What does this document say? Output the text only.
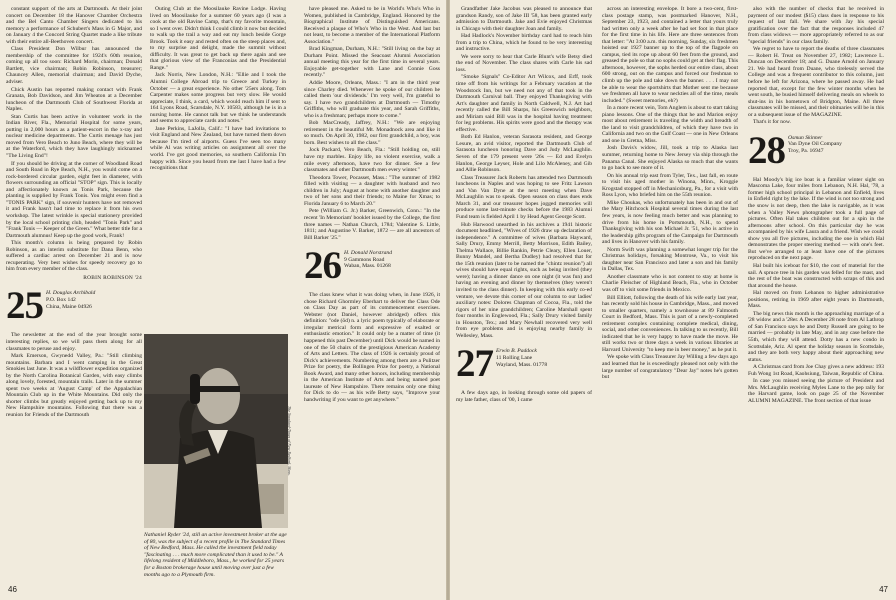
constant support of the arts at Dartmouth. At their joint concert on December 18 the Hanover Chamber Orchestra and the Bel Canto Chamber Singers dedicated to his memory a performance of Schubert's Mass in G Major, and on January 4 the Concord String Quartet made a like tribute with their entire all-Beethoven concert.

Class President Don Wilbur has announced the membership of the committee for 1924's 60th reunion, coming up all too soon: Richard Morin, chairman; Donald Bartlett, vice chairman; Robin Robinson, treasurer; Chauncey Allen, memorial chairman; and David Dyche, adviser.

Chick Austin has reported making contact with Frank Granata, Bob Davidson, and Jim Wheaton at a December luncheon of the Dartmouth Club of Southwest Florida at Naples.

Stan Curtis has been active in volunteer work in the Indian River, Fla., Memorial Hospital for some years, putting in 2,000 hours as a patient-escort in the x-ray and nuclear medicine departments. The Curtis menage has just moved from Vero Beach to Juno Beach, where they will be at the Waterford, which they have laughingly nicknamed "The Living End"!

If you should be driving at the corner of Woodland Road and South Road in Rye Beach, N.H., you would come on a rock-bordered circular garden, eight feet in diameter, with flowers surrounding an official "STOP" sign. This is locally and affectionately known as Tonis Park, because the planting is supplied by Frank Tonis. You might even find a "TONIS PARK" sign, if souvenir hunters have not removed it and Frank hasn't had time to replace it from his own workshop. The latest wrinkle is special stationery provided by the local school printing club, headed "Tonis Park" and "Frank Tonis — Keeper of the Green." What better title for a Dartmouth alumnus! Keep up the good work, Frank!

This month's column is being prepared by Robin Robinson, as an interim substitute for Dana Benn, who suffered a cardiac arrest on December 21 and is now recuperating. Very best wishes for speedy recovery go to him from every member of the class.

ROBIN ROBINSON '24
25 H. Douglas Archibald
P.O. Box 142
China, Maine 04926

The newsletter at the end of the year brought some interesting replies, so we will pass them along for all classmates to peruse and enjoy.

Mark Emerson, Gwynedd Valley, Pa.: "Still climbing mountains. Barbara and I went camping in the Great Smokies last June. It was a wildflower expedition organized by the North Carolina Botanical Garden, with easy climbs along lovely, forested, mountain trails. Later in the summer spent two weeks at 'August Camp' of the Appalachian Mountain Club up in the White Mountains. Did only the shorter climbs but greatly enjoyed getting back up to my New Hampshire mountains. Following that there was a reunion for Friends of the Dartmouth

Outing Club at the Moosilauke Ravine Lodge. Having lived on Moosilauke for a summer 60 years ago (I was a cook at the old Ravine Camp, that's my favorite mountain, so I went over. Didn't think I could climb it now but decided to walk up the trail a way and eat my lunch beside Gorge Brook. Took it easy and rested often on the steep places and, to my surprise and delight, made the summit without difficulty. It was great to get back up there again and see that glorious view of the Franconias and the Presidential Range."

Jack Norris, New London, N.H.: "Ellie and I took the Alumni College Abroad trip to Greece and Turkey in October — a great experience. No other '25ers along. Tom Carpenter makes some progress but very slow. He would appreciate, I think, a card, which would reach him if sent to 164 Lyons Road, Scarsdale, N.Y. 10583, although he is in a nursing home. He cannot talk but we think he understands and seems to appreciate cards and notes."

Jane Perkins, LaJolla, Calif.: "I have had invitations to visit England and New Zealand, but have turned them down because I'm tired of airports. Guess I've seen too many while Al was writing articles on assignment all over the world. I've got good memories, so southern California I'm happy with. Since you heard from me last I have had a few recognitions that

Nathaniel Ryder '24, still an active investment broker at the age of 80, was the subject of a recent profile in The Standard Times of New Bedford, Mass. He called the investment field today "fascinating . . . much more complicated than it used to be." A lifelong resident of Middleboro, Mass., he worked for 25 years for a Boston brokerage house until moving over just a few months ago to a Plymouth firm.
The Standard-Times of New Bedford, Mass.

have pleased me. Asked to be in World's Who's Who in Women, published in Cambridge, England. Honored by the Biographical Institute of Distinguished Americans. Received a plaque of Who's Who in the West. And last but not least, to become a member of the International Platform Association."

Brad Kingman, Durham, N.H.: "Still living on the bay at Durham Point. Missed the Seacoast Alumni Association annual meeting this year for the first time in several years. Enjoyable get-together with Lane and Connie Goss recently."

Addie Moore, Orleans, Mass.: "I am in the third year since Charley died. Whenever he spoke of our children he called them 'our dividends.' I'm very well, I'm grateful to say. I have two grandchildren at Dartmouth — Timothy Griffiths, who will graduate this year, and Sarah Griffiths, who is a freshman; perhaps more to come."

Bob MacCready, Jaffrey, N.H.: "We are enjoying retirement in the beautiful Mt. Monadnock area and like it so much. On April 30, 1982, our first grandchild, a boy, was born. Best wishes to all the class."

Jock Packard, Vero Beach, Fla.: "Still holding on, still have my marbles. Enjoy life, no violent exercise, walk a mile every afternoon, have two for dinner. See a few classmates and other Dartmouth men every winter."

Theodora Tower, Pocasset, Mass.: "The summer of 1982 filled with visiting — a daughter with husband and two children in July; August at home with another daughter and two of her sons and their friends; to Maine for Xmas; to Florida January 6 to March 20."

Pete (William G. Jr.) Barker, Greenwich, Conn.: "In the recent 'In Memoriam' booklet issued by the College, the first three names — Nathan Church, 1784; Valentine S. Little, 1811; and Augustine V. Barker, 1872 — are all ancestors of Bill Barker '25."

26 H. Donald Norstrand
9 Gammons Road
Waban, Mass. 01268

The class knew what it was doing when, in June 1926, it chose Richard Ghormley Eberhart to deliver the Class Ode on Class Day as part of its commencement exercises. Webster (not Daniel, however abridged) offers this definition: "ode (ōd) n. a lyric poem typically of elaborate or irregular metrical form and expressive of exalted or enthusiastic emotion." It could only be a matter of time (it happened this past December) until Dick would be named in one of the 50 chairs of the prestigious American Academy of Arts and Letters. The class of 1926 is certainly proud of Dick's achievements. Numbering among them are a Pulitzer Prize for poetry, the Bollingen Prize for poetry, a National Book Award, and many other honors, including membership in the American Institute of Arts and being named poet laureate of New Hampshire. There remains only one thing for Dick to do — as his wife Betty says, "Improve your handwriting if you want to get anywhere."

46

Grandfather Jake Jacobus was pleased to announce that grandson Randy, son of Jake III '58, has been granted early admission to Dartmouth. Jake and Evie enjoyed Christmas in Chicago with their daughter Joan and family.

Had Hadlock's November birthday card had to reach him from a trip to China, which he found to be very interesting and instructive.

We were sorry to hear that Carle Blunt's wife Betsy died the end of November. The class shares with Carle his sad loss.

"Smoke Signals" Co-Editor Art Wilcox, and Erff, took time off from his writings for a February vacation at the Woodstock Inn, but we need not any of that took in the Dartmouth Carnival ball. They enjoyed Thanksgiving with Art's daughter and family in North Caldwell, N.J. Art had recently called the Bill Sharps, his Greenwich neighbors, and Miriam said Bill was in the hospital having treatment for leg problems. His spirits were good and the therapy was effective.

Both Ed Hanlon, veteran Sarasota resident, and George Lesure, an avid visitor, reported the Dartmouth Club of Sarasota luncheon honoring Dave and Judy McLaughlin. Seven of the 179 present were '26s — Ed and Evelyn Hanlon, George Leyser, Hole and Lilo McAleney, and Gib and Allie Robinson.

Class Treasurer Jack Roberts has attended two Dartmouth luncheons in Naples and was hoping to see Fritz Lawson and Van Van Dyne at the next meeting when Dave McLaughlin was to speak. Open season on class dues ends March 31, and our treasurer hopes jogged memories will produce some last-minute checks before the 1983 Alumni Fund team is fielded April 1 by Head Agent George Scott.

Hub Harwood unearthed in his archives a 1941 historic document headlined, "Wives of 1926 draw up declaration of independence." A committee of wives (Barbara Hayward, Sally Drury, Emmy Merrill, Betty Morrison, Edith Bailey, Thelma Wallace, Billie Rankin, Petrie Cleary, Ellen Louer, Bunny Mandel, and Bertha Dudley) had resolved that for the 15th reunion (later to be named the "chintz reunion") all wives should have equal rights, such as being invited (they were); having a dinner dance on one night (it was fun) and having an evening and dinner by themselves (they weren't invited to the class dinner). In keeping with this early co-ed venture, we devote this corner of our column to our ladies' auxiliary notes: Dolores Chapman of Cocoa, Fla., told the rigors of her nine grandchildren; Caroline Marshall spent four months in Englewood, Fla.; Sally Drury visited family in Houston, Tex.; and Mary Newhall recovered very well from eye problems and is enjoying nearby family in Wellesley, Mass.

27 Erwin B. Paddock
11 Rolling Lane
Wayland, Mass. 01778

A few days ago, in looking through some old papers of my late father, class of '00, I came

across an interesting envelope. It bore a two-cent, first-class postage stamp, was postmarked Hanover, N.H., September 23, 1923, and contained a letter that yours truly had written only a week after he had set foot in that place for the first time in his life. Here are three sentences from that letter: "At 3:00 a.m. this morning, Sunday, six freshmen hoisted our 1927 banner up to the top of the flagpole on campus, tied its rope up about 60 feet from the ground, and greased the pole so that no sophs could get at their flag. This afternoon, however, the sophs herded our entire class, about 600 strong, out on the campus and forced our freshman to climb up the pole and take down the banner. . . . I may not be able to wear the sportshirts that Mother sent me because we freshmen all have to wear neckties all of the time, meals included." (Sweet memories, eh?)

In a more recent vein, Tom Anglem is about to start taking piano lessons. One of the things that he and Marion enjoy most about retirement is traveling the width and breadth of the land to visit grandchildren, of which they have two in California and two on the Gulf Coast — one in New Orleans and one in Gretna, Miss.

Josh Davis's widow, Jill, took a trip to Alaska last summer, returning home to New Jersey via ship through the Panama Canal. She enjoyed Alaska so much that she wants to go back to see more of it.

On his annual trip east from Tyler, Tex., last fall, en route to visit his aged mother in Winona, Minn., Kroggie Krogstad stopped off in Mechanicsburg, Pa., for a visit with Ross Lyon, who briefed him on the 55th reunion.

Mike Choukas, who unfortunately has been in and out of the Mary Hitchcock Hospital several times during the last few years, is now feeling much better and was planning to drive from his home in Portsmouth, N.H., to spend Thanksgiving with his son Michael Jr. '51, who is active in the leadership gifts program of the Campaign for Dartmouth and lives in Hanover with his family.

Norm Swift was planning a somewhat longer trip for the Christmas holidays, forsaking Montrose, Va., to visit his daughter near San Francisco and later a son and his family in Dallas, Tex.

Another classmate who is not content to stay at home is Charlie Fleischer of Highland Beach, Fla., who in October was off to visit some friends in Mexico.

Bill Elliott, following the death of his wife early last year, has recently sold his house in Cambridge, Mass., and moved to smaller quarters, namely a townhouse at 89 Falmouth Court in Bedford, Mass. This is part of a newly-completed retirement complex containing complete medical, dining, social, and other conveniences. In talking to us recently, Bill indicated that he is very happy to have made the move. He still works two or three days a week in various libraries at Harvard University "to keep me in beer money," as he put it.

We spoke with Class Treasurer Jay Willing a few days ago and learned that he is exceedingly pleased not only with the large number of congratulatory "Dear Jay" notes he's gotten but

also with the number of checks that he received in payment of our modest ($15) class dues in response to his request of last fall. We share with Jay his special gratification over the fact that the responses included 47 from class widows — more appropriately referred to as our "special friends" in our class family.

We regret to have to report the deaths of three classmates — Robert H. Treat on November 27, 1982; Lawrence L. Duncan on December 18; and G. Duane Arnold on January 21. We had heard from Duane, who tirelessly served the College and was a frequent contributor to this column, just before he left for Arizona, where he passed away. He had reported that, except for the few winter months when he went south, he busied himself delivering meals on wheels to shut-ins in his hometown of Bridgton, Maine. All three classmates will be missed, and their obituaries will be in this or a subsequent issue of the MAGAZINE.

That's it for now.

28 Osmun Skinner
Van Dyne Oil Company
Troy, Pa. 16947

Hal Moody's big ice boat is a familiar winter sight on Mascoma Lake, four miles from Lebanon, N.H. Hal, '78, a former high school principal in Lebanon and Enfield, lives in Enfield right by the lake. If the wind is not too strong and the snow is not deep, then the lake is navigable, as it was when a Valley News photographer took a full page of pictures. Often Hal takes children out for a spin in the afternoons after school. On this particular day he was accompanied by his wife Laura and a friend. Wish we could show you all five pictures, including the one in which Hal demonstrates the proper steering method — with one's feet. But we've arranged to at least have one of the pictures reproduced on the next page.

Hal built his iceboat for $10, the cost of material for the sail. A spruce tree in his garden was felled for the mast, and the rest of the boat was constructed with scraps of this and that around the house.

Hal moved on from Lebanon to higher administrative positions, retiring in 1969 after eight years in Dartmouth, Mass.

The big news this month is the approaching marriage of a '28 widow and a '28er. A December 28 note from Al Lathrop of San Francisco says he and Dotty Russell are going to be married — probably in late May, and in any case before the 55th, which they will attend. Dotty has a new condo in Scottsdale, Ariz. Al spent the holiday season in Scottsdale, and they are both very happy about their approaching new status.

A Christmas card from Joe Chay gives a new address: 193 Fuh Wong 1st Road, Kaohsiung, Taiwan, Republic of China.

In case you missed seeing the picture of President and Mrs. McLaughlin receiving Myles Lane to the pep rally for the Harvard game, look on page 25 of the November ALUMNI MAGAZINE. The front section of that issue

47
